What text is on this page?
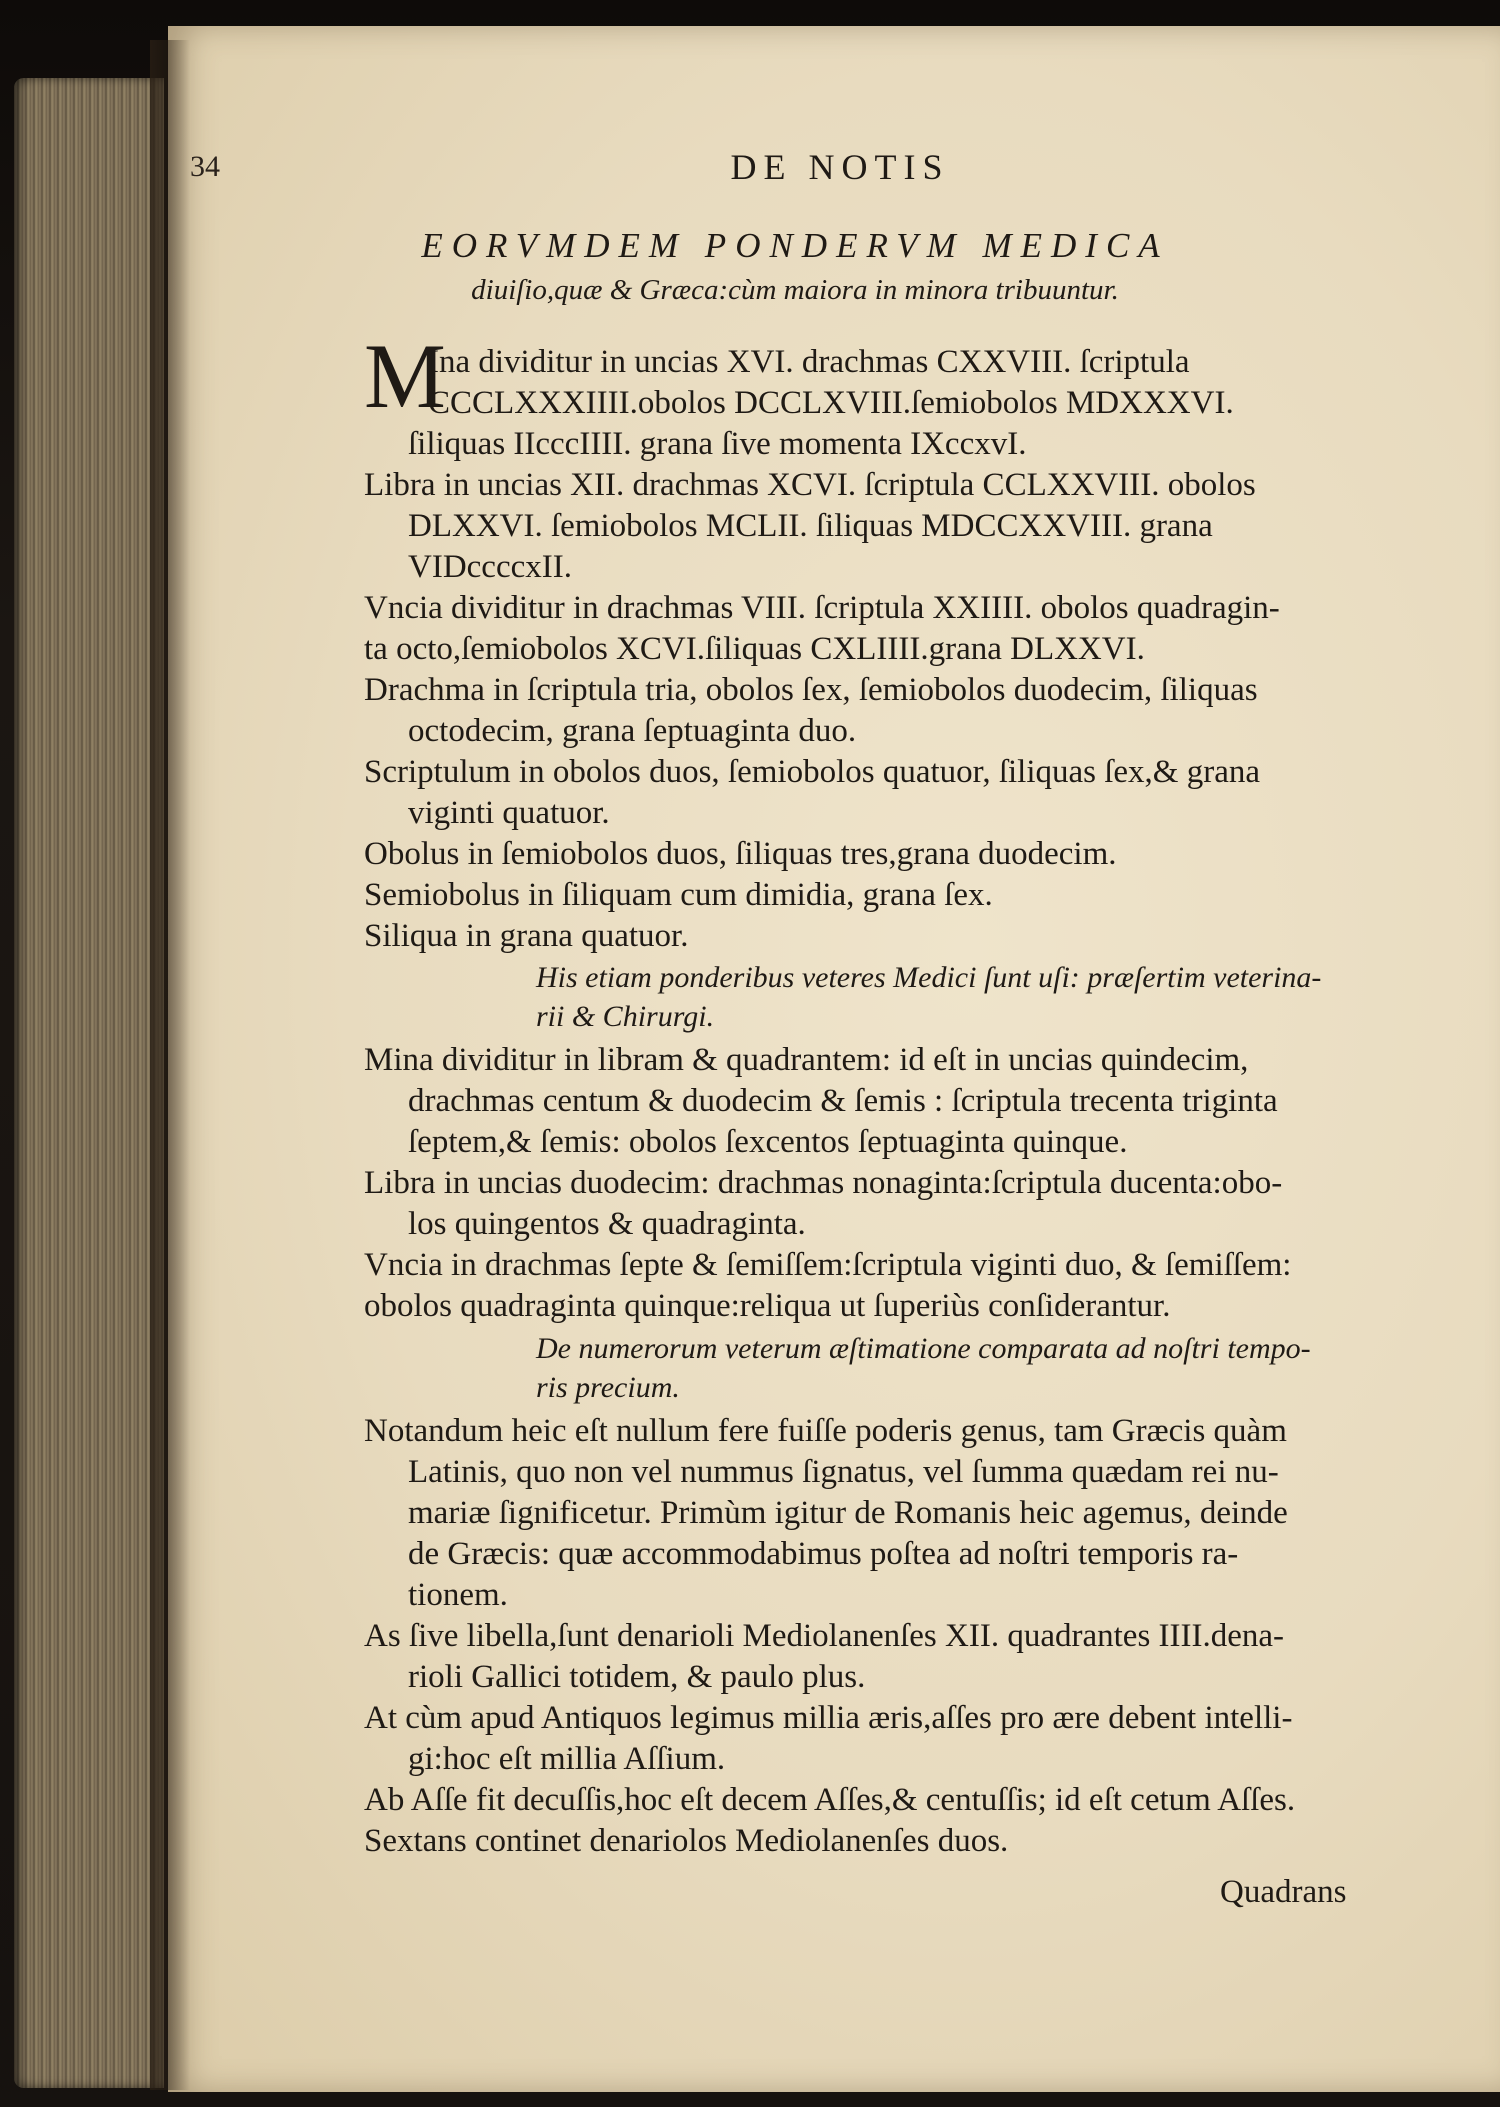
34	DE NOTIS
EORVMDEM PONDERVM MEDICA
diuiſio,quæ & Græca:cùm maiora in minora tribuuntur.
M
Ina dividitur in uncias XVI. drachmas CXXVIII. ſcriptula
CCCLXXXIIII.obolos DCCLXVIII.ſemiobolos MDXXXVI.
ſiliquas IIcccIIII. grana ſive momenta IXccxvI.
Libra in uncias XII. drachmas XCVI. ſcriptula CCLXXVIII. obolos
DLXXVI. ſemiobolos MCLII. ſiliquas MDCCXXVIII. grana
VIDccccxII.
Vncia dividitur in drachmas VIII. ſcriptula XXIIII. obolos quadragin-
ta octo,ſemiobolos XCVI.ſiliquas CXLIIII.grana DLXXVI.
Drachma in ſcriptula tria, obolos ſex, ſemiobolos duodecim, ſiliquas
octodecim, grana ſeptuaginta duo.
Scriptulum in obolos duos, ſemiobolos quatuor, ſiliquas ſex,& grana
viginti quatuor.
Obolus in ſemiobolos duos, ſiliquas tres,grana duodecim.
Semiobolus in ſiliquam cum dimidia, grana ſex.
Siliqua in grana quatuor.
His etiam ponderibus veteres Medici ſunt uſi: præſertim veterina-
rii & Chirurgi.
Mina dividitur in libram & quadrantem: id eſt in uncias quindecim,
drachmas centum & duodecim & ſemis : ſcriptula trecenta triginta
ſeptem,& ſemis: obolos ſexcentos ſeptuaginta quinque.
Libra in uncias duodecim: drachmas nonaginta:ſcriptula ducenta:obo-
los quingentos & quadraginta.
Vncia in drachmas ſepte & ſemiſſem:ſcriptula viginti duo, & ſemiſſem:
obolos quadraginta quinque:reliqua ut ſuperiùs conſiderantur.
De numerorum veterum æſtimatione comparata ad noſtri tempo-
ris precium.
Notandum heic eſt nullum fere fuiſſe poderis genus, tam Græcis quàm
Latinis, quo non vel nummus ſignatus, vel ſumma quædam rei nu-
mariæ ſignificetur. Primùm igitur de Romanis heic agemus, deinde
de Græcis: quæ accommodabimus poſtea ad noſtri temporis ra-
tionem.
As ſive libella,ſunt denarioli Mediolanenſes XII. quadrantes IIII.dena-
rioli Gallici totidem, & paulo plus.
At cùm apud Antiquos legimus millia æris,aſſes pro ære debent intelli-
gi:hoc eſt millia Aſſium.
Ab Aſſe fit decuſſis,hoc eſt decem Aſſes,& centuſſis; id eſt cetum Aſſes.
Sextans continet denariolos Mediolanenſes duos.
Quadrans
